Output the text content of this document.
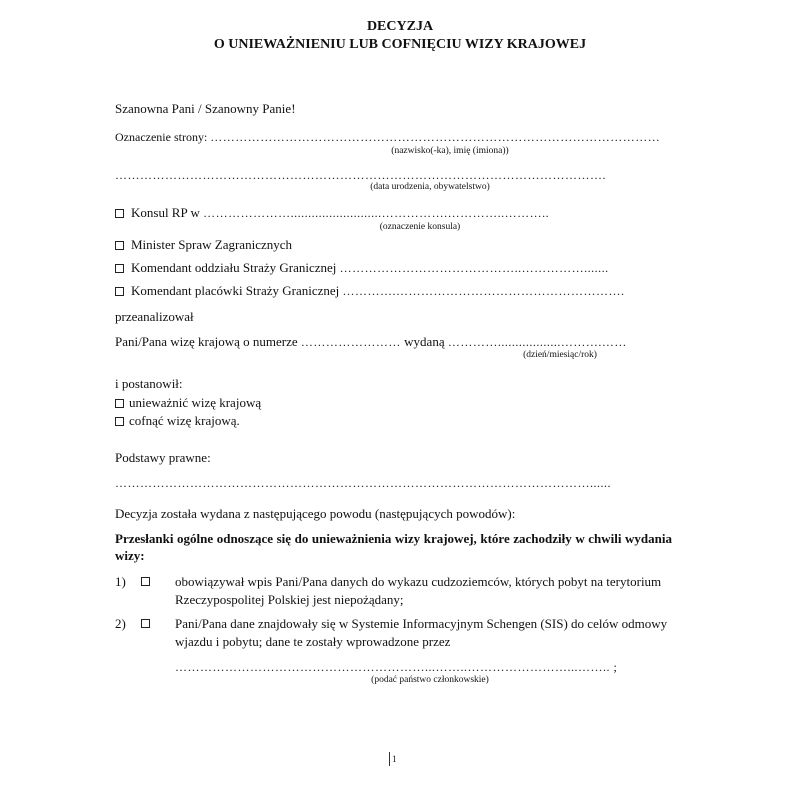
DECYZJA
O UNIEWAŻNIENIU LUB COFNIĘCIU WIZY KRAJOWEJ
Szanowna Pani / Szanowny Panie!
Oznaczenie strony: ………………………………………………………………………………………………
(nazwisko(-ka), imię (imiona))
……………………………………………………………………………………………………….
(data urodzenia, obywatelstwo)
Konsul RP w …………………..........................…………….…………..………..
(oznaczenie konsula)
Minister Spraw Zagranicznych
Komendant oddziału Straży Granicznej ……………………………………..…………….......
Komendant placówki Straży Granicznej ………….……………………………………………….
przeanalizował
Pani/Pana wizę krajową o numerze …………………… wydaną …………..................……….……
(dzień/miesiąc/rok)
i postanowił:
unieważnić wizę krajową
cofnąć wizę krajową.
Podstawy prawne:
……………………………………………………………………………………………………......
Decyzja została wydana z następującego powodu (następujących powodów):
Przesłanki ogólne odnoszące się do unieważnienia wizy krajowej, które zachodziły w chwili wydania wizy:
1)	obowiązywał wpis Pani/Pana danych do wykazu cudzoziemców, których pobyt na terytorium Rzeczypospolitej Polskiej jest niepożądany;
2)	Pani/Pana dane znajdowały się w Systemie Informacyjnym Schengen (SIS) do celów odmowy wjazdu i pobytu; dane te zostały wprowadzone przez
……………………………………………………...……..……………………...…….. ;
(podać państwo członkowskie)
1
